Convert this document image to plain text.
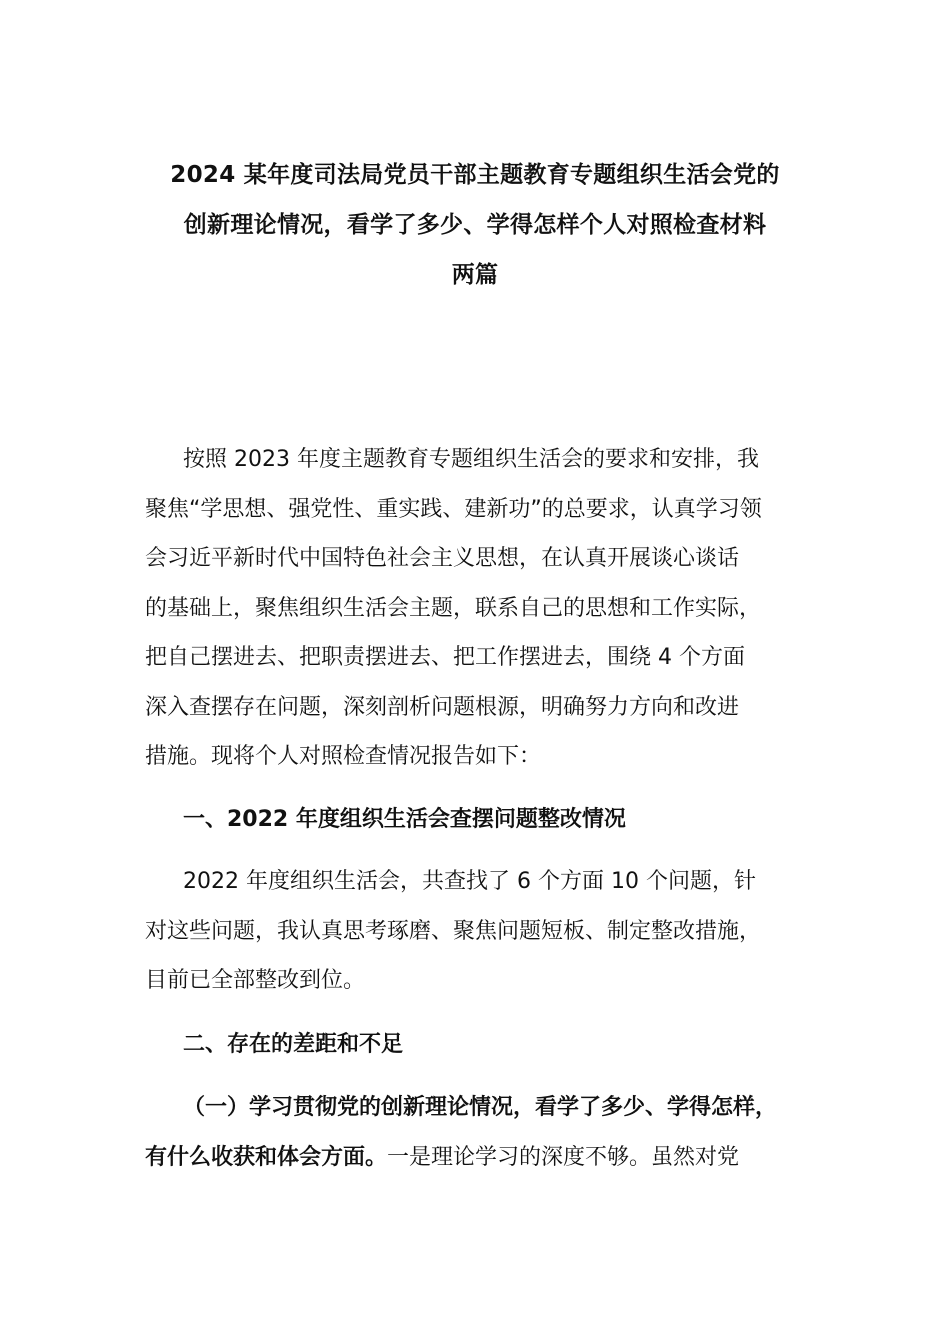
2024 某年度司法局党员干部主题教育专题组织生活会党的
创新理论情况，看学了多少、学得怎样个人对照检查材料
两篇
按照 2023 年度主题教育专题组织生活会的要求和安排，我
聚焦“学思想、强党性、重实践、建新功”的总要求，认真学习领
会习近平新时代中国特色社会主义思想，在认真开展谈心谈话
的基础上，聚焦组织生活会主题，联系自己的思想和工作实际，
把自己摆进去、把职责摆进去、把工作摆进去，围绕 4 个方面
深入查摆存在问题，深刻剖析问题根源，明确努力方向和改进
措施。现将个人对照检查情况报告如下：
一、2022 年度组织生活会查摆问题整改情况
2022 年度组织生活会，共查找了 6 个方面 10 个问题，针
对这些问题，我认真思考琢磨、聚焦问题短板、制定整改措施，
目前已全部整改到位。
二、存在的差距和不足
（一）学习贯彻党的创新理论情况，看学了多少、学得怎样，
有什么收获和体会方面。一是理论学习的深度不够。虽然对党
